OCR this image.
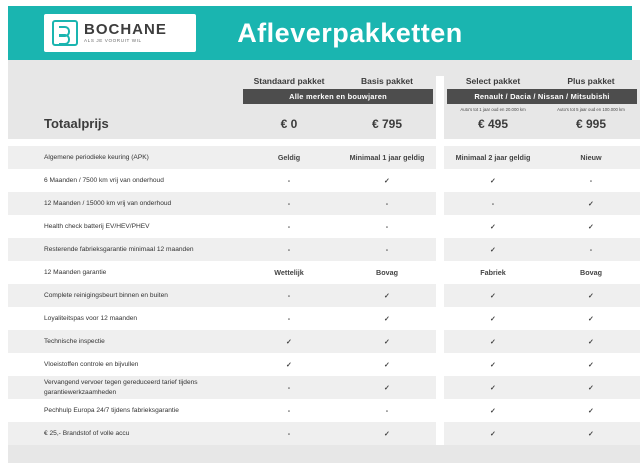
BOCHANE
ALS JE VOORUIT WIL	Afleverpakketten

	Standaard pakket	Basis pakket		Select pakket	Plus pakket

	Alle merken en bouwjaren			Renault / Dacia / Nissan / Mitsubishi	

				Auto's tot 1 jaar oud en 20.000 km	Auto's tot 5 jaar oud en 100.000 km
Totaalprijs	€ 0	€ 795		€ 495	€ 995

Algemene periodieke keuring (APK)	Geldig	Minimaal 1 jaar geldig		Minimaal 2 jaar geldig	Nieuw
6 Maanden / 7500 km vrij van onderhoud	-	✓		✓	-
12 Maanden / 15000 km vrij van onderhoud	-	-		-	✓
Health check batterij EV/HEV/PHEV	-	-		✓	✓
Resterende fabrieksgarantie minimaal 12 maanden	-	-		✓	-
12 Maanden garantie	Wettelijk	Bovag		Fabriek	Bovag
Complete reinigingsbeurt binnen en buiten	-	✓		✓	✓
Loyaliteitspas voor 12 maanden	-	✓		✓	✓
Technische inspectie	✓	✓		✓	✓
Vloeistoffen controle en bijvullen	✓	✓		✓	✓
Vervangend vervoer tegen gereduceerd tarief tijdens garantiewerkzaamheden	-	✓		✓	✓
Pechhulp Europa 24/7 tijdens fabrieksgarantie	-	-		✓	✓
€ 25,- Brandstof of volle accu	-	✓		✓	✓
